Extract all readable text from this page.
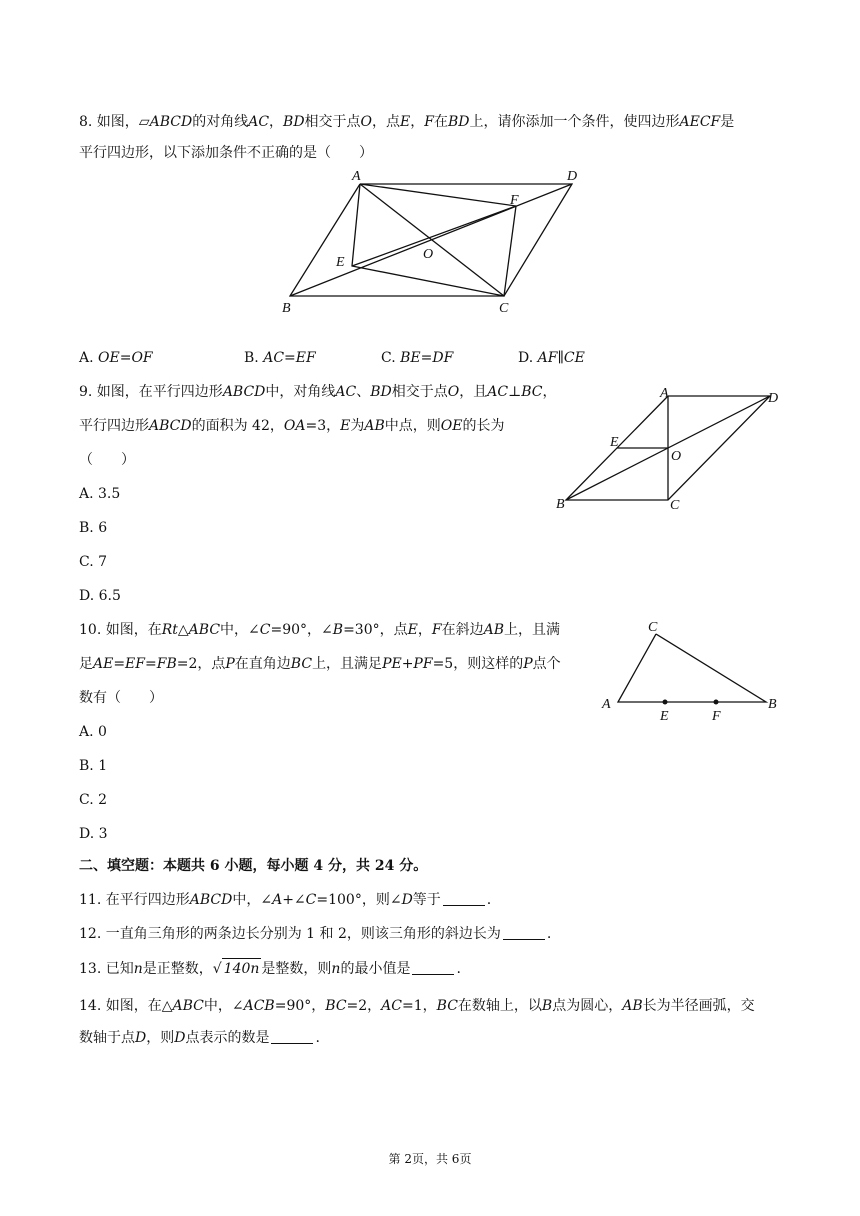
8. 如图，▱ABCD的对角线AC，BD相交于点O，点E，F在BD上，请你添加一个条件，使四边形AECF是
平行四边形，以下添加条件不正确的是（　　）
A	D
F
O
E
B	C
A. OE=OF	B. AC=EF	C. BE=DF	D. AF∥CE
9. 如图，在平行四边形ABCD中，对角线AC、BD相交于点O，且AC⊥BC，
平行四边形ABCD的面积为 42，OA=3，E为AB中点，则OE的长为
（　　）
A. 3.5
B. 6
C. 7
D. 6.5
A	D
E
O
B	C
10. 如图，在Rt△ABC中，∠C=90°，∠B=30°，点E，F在斜边AB上，且满
足AE=EF=FB=2，点P在直角边BC上，且满足PE+PF=5，则这样的P点个
数有（　　）
A. 0
B. 1
C. 2
D. 3
C
A
E	F
B
二、填空题：本题共 6 小题，每小题 4 分，共 24 分。
11. 在平行四边形ABCD中，∠A+∠C=100°，则∠D等于	.
12. 一直角三角形的两条边长分别为 1 和 2，则该三角形的斜边长为	.
13. 已知n是正整数，√ 140n 是整数，则n的最小值是	.
14. 如图，在△ABC中，∠ACB=90°，BC=2，AC=1，BC在数轴上，以B点为圆心，AB长为半径画弧，交
数轴于点D，则D点表示的数是	.
第 2页，共 6页
